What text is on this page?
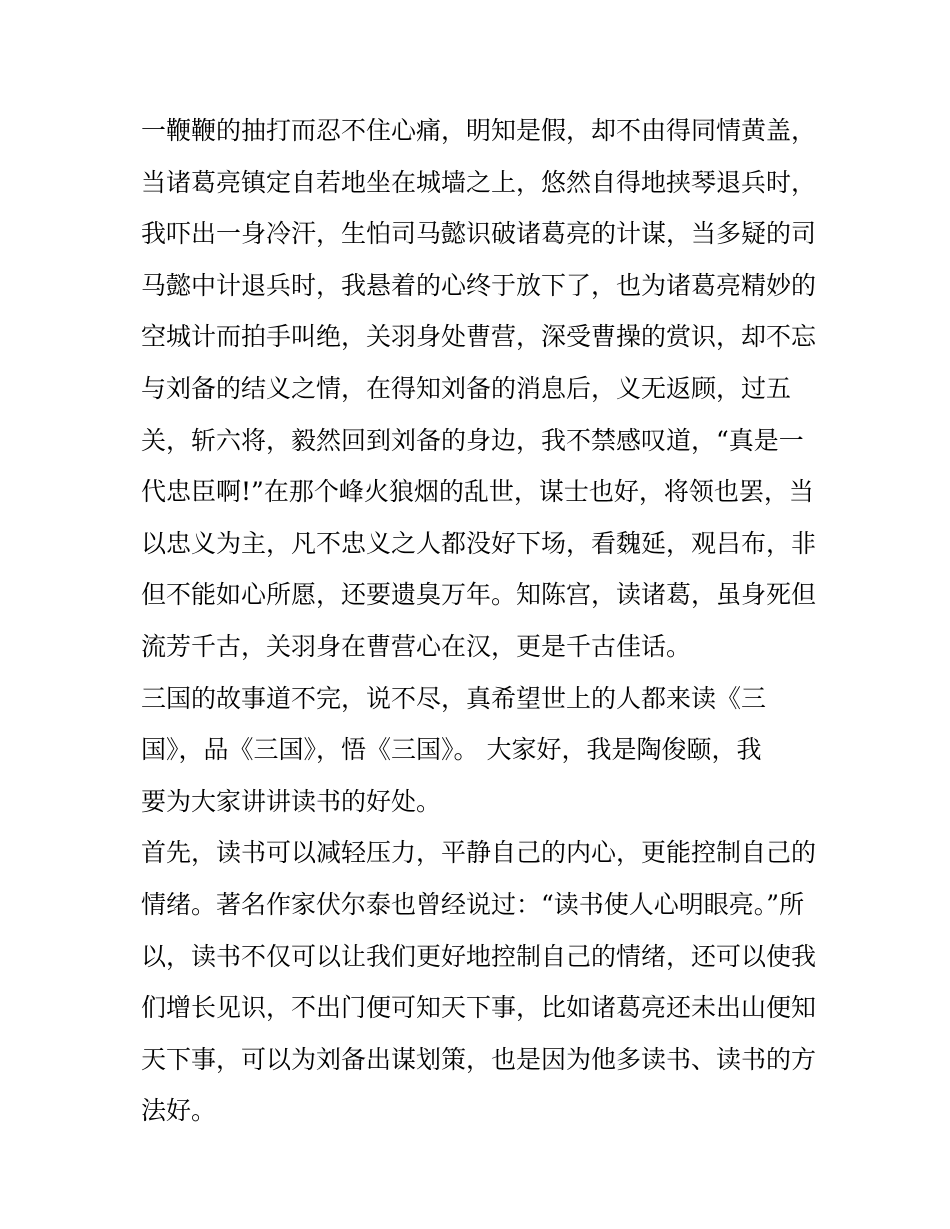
一鞭鞭的抽打而忍不住心痛，明知是假，却不由得同情黄盖，
当诸葛亮镇定自若地坐在城墙之上，悠然自得地挟琴退兵时，
我吓出一身冷汗，生怕司马懿识破诸葛亮的计谋，当多疑的司
马懿中计退兵时，我悬着的心终于放下了，也为诸葛亮精妙的
空城计而拍手叫绝，关羽身处曹营，深受曹操的赏识，却不忘
与刘备的结义之情，在得知刘备的消息后，义无返顾，过五
关，斩六将，毅然回到刘备的身边，我不禁感叹道，“真是一
代忠臣啊!”在那个峰火狼烟的乱世，谋士也好，将领也罢，当
以忠义为主，凡不忠义之人都没好下场，看魏延，观吕布，非
但不能如心所愿，还要遗臭万年。知陈宫，读诸葛，虽身死但
流芳千古，关羽身在曹营心在汉，更是千古佳话。
三国的故事道不完，说不尽，真希望世上的人都来读《三
国》，品《三国》，悟《三国》。 大家好，我是陶俊颐，我
要为大家讲讲读书的好处。
首先，读书可以减轻压力，平静自己的内心，更能控制自己的
情绪。著名作家伏尔泰也曾经说过：“读书使人心明眼亮。”所
以，读书不仅可以让我们更好地控制自己的情绪，还可以使我
们增长见识，不出门便可知天下事，比如诸葛亮还未出山便知
天下事，可以为刘备出谋划策，也是因为他多读书、读书的方
法好。
